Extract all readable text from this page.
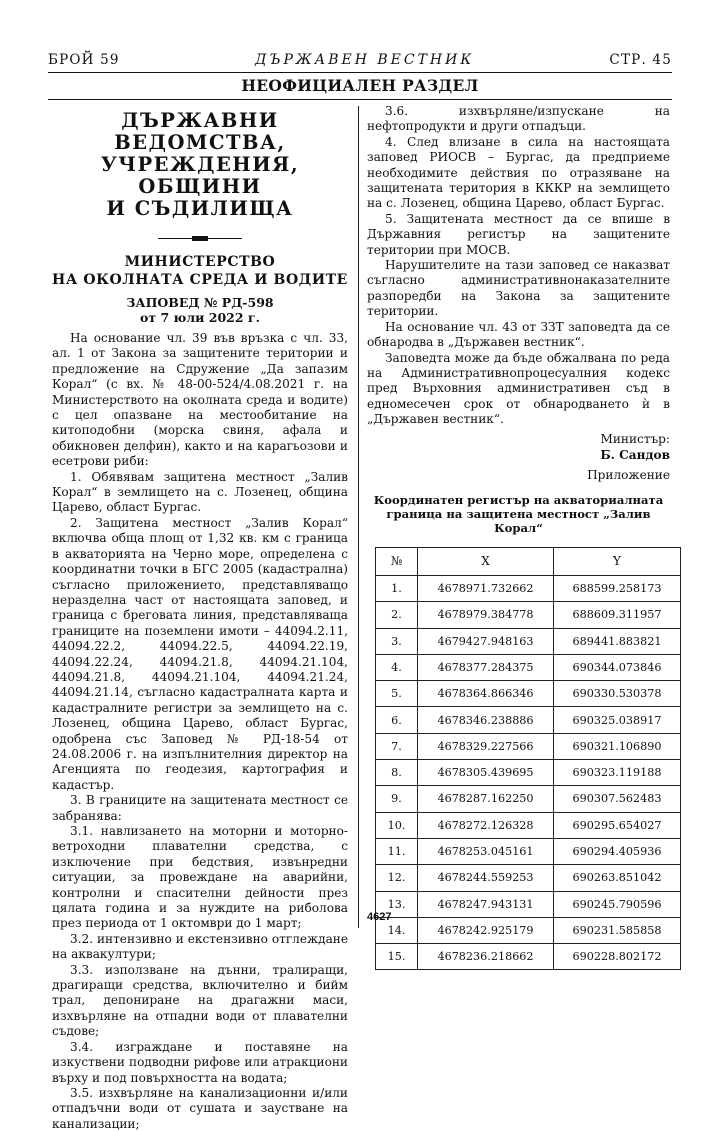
БРОЙ 59	ДЪРЖАВЕН ВЕСТНИК	СТР. 45
НЕОФИЦИАЛЕН РАЗДЕЛ
ДЪРЖАВНИ ВЕДОМСТВА,
УЧРЕЖДЕНИЯ, ОБЩИНИ
И СЪДИЛИЩА
МИНИСТЕРСТВО
НА ОКОЛНАТА СРЕДА И ВОДИТЕ
ЗАПОВЕД № РД-598
от 7 юли 2022 г.

На основание чл. 39 във връзка с чл. 33, ал. 1 от Закона за защитените територии и предложение на Сдружение „Да запазим Корал“ (с вх. № 48-00-524/4.08.2021 г. на Министерството на околната среда и водите) с цел опазване на местообитание на китоподобни (морска свиня, афала и обикновен делфин), както и на карагьозови и есетрови риби:

1. Обявявам защитена местност „Залив Корал“ в землището на с. Лозенец, община Царево, област Бургас.

2. Защитена местност „Залив Корал“ включва обща площ от 1,32 кв. км с граница в акваторията на Черно море, определена с координатни точки в БГС 2005 (кадастрална) съгласно приложението, представляващо неразделна част от настоящата заповед, и граница с бреговата линия, представляваща границите на поземлени имоти – 44094.2.11, 44094.22.2, 44094.22.5, 44094.22.19, 44094.22.24, 44094.21.8, 44094.21.104, 44094.21.8, 44094.21.104, 44094.21.24, 44094.21.14, съгласно кадастралната карта и кадастралните регистри за землището на с. Лозенец, община Царево, област Бургас, одобрена със Заповед № РД-18-54 от 24.08.2006 г. на изпълнителния директор на Агенцията по геодезия, картография и кадастър.

3. В границите на защитената местност се забранява:

3.1. навлизането на моторни и моторно-ветроходни плавателни средства, с изключение при бедствия, извънредни ситуации, за провеждане на аварийни, контролни и спасителни дейности през цялата година и за нуждите на риболова през периода от 1 октомври до 1 март;

3.2. интензивно и екстензивно отглеждане на аквакултури;

3.3. използване на дънни, тралиращи, драгиращи средства, включително и бийм трал, депониране на драгажни маси, изхвърляне на отпадни води от плавателни съдове;

3.4. изграждане и поставяне на изкуствени подводни рифове или атракциони върху и под повърхността на водата;

3.5. изхвърляне на канализационни и/или отпадъчни води от сушата и заустване на канализации;

3.6. изхвърляне/изпускане на нефтопродукти и други отпадъци.

4. След влизане в сила на настоящата заповед РИОСВ – Бургас, да предприеме необходимите действия по отразяване на защитената територия в КККР на землището на с. Лозенец, община Царево, област Бургас.

5. Защитената местност да се впише в Държавния регистър на защитените територии при МОСВ.

Нарушителите на тази заповед се наказват съгласно административнонаказателните разпоредби на Закона за защитените територии.

На основание чл. 43 от ЗЗТ заповедта да се обнародва в „Държавен вестник“.

Заповедта може да бъде обжалвана по реда на Административнопроцесуалния кодекс пред Върховния административен съд в едномесечен срок от обнародването ѝ в „Държавен вестник“.

Министър:

Б. Сандов
Приложение
Координатен регистър на акваториалната граница на защитена местност „Залив Корал“
№	X	Y
1.	4678971.732662	688599.258173
2.	4678979.384778	688609.311957
3.	4679427.948163	689441.883821
4.	4678377.284375	690344.073846
5.	4678364.866346	690330.530378
6.	4678346.238886	690325.038917
7.	4678329.227566	690321.106890
8.	4678305.439695	690323.119188
9.	4678287.162250	690307.562483
10.	4678272.126328	690295.654027
11.	4678253.045161	690294.405936
12.	4678244.559253	690263.851042
13.	4678247.943131	690245.790596
14.	4678242.925179	690231.585858
15.	4678236.218662	690228.802172
4627
